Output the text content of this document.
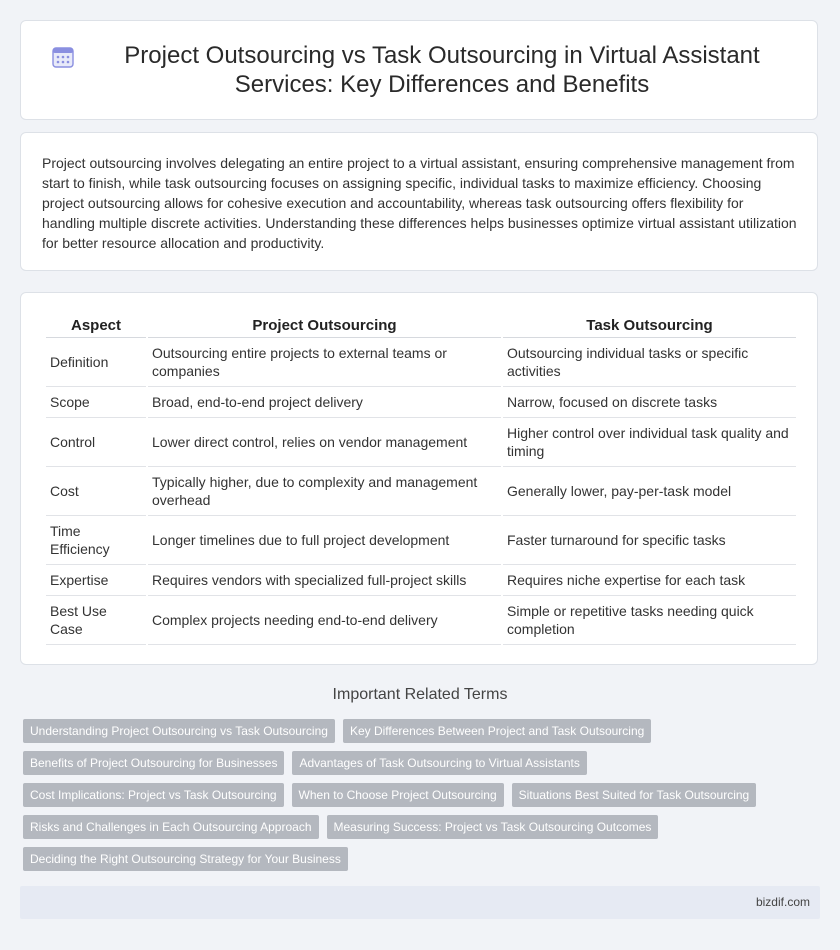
Project Outsourcing vs Task Outsourcing in Virtual Assistant Services: Key Differences and Benefits

Project outsourcing involves delegating an entire project to a virtual assistant, ensuring comprehensive management from start to finish, while task outsourcing focuses on assigning specific, individual tasks to maximize efficiency. Choosing project outsourcing allows for cohesive execution and accountability, whereas task outsourcing offers flexibility for handling multiple discrete activities. Understanding these differences helps businesses optimize virtual assistant utilization for better resource allocation and productivity.

Aspect	Project Outsourcing	Task Outsourcing
Definition	Outsourcing entire projects to external teams or companies	Outsourcing individual tasks or specific activities
Scope	Broad, end-to-end project delivery	Narrow, focused on discrete tasks
Control	Lower direct control, relies on vendor management	Higher control over individual task quality and timing
Cost	Typically higher, due to complexity and management overhead	Generally lower, pay-per-task model
Time Efficiency	Longer timelines due to full project development	Faster turnaround for specific tasks
Expertise	Requires vendors with specialized full-project skills	Requires niche expertise for each task
Best Use Case	Complex projects needing end-to-end delivery	Simple or repetitive tasks needing quick completion
Important Related Terms
Understanding Project Outsourcing vs Task Outsourcing	Key Differences Between Project and Task Outsourcing
Benefits of Project Outsourcing for Businesses	Advantages of Task Outsourcing to Virtual Assistants
Cost Implications: Project vs Task Outsourcing	When to Choose Project Outsourcing	Situations Best Suited for Task Outsourcing
Risks and Challenges in Each Outsourcing Approach	Measuring Success: Project vs Task Outsourcing Outcomes
Deciding the Right Outsourcing Strategy for Your Business
bizdif.com
